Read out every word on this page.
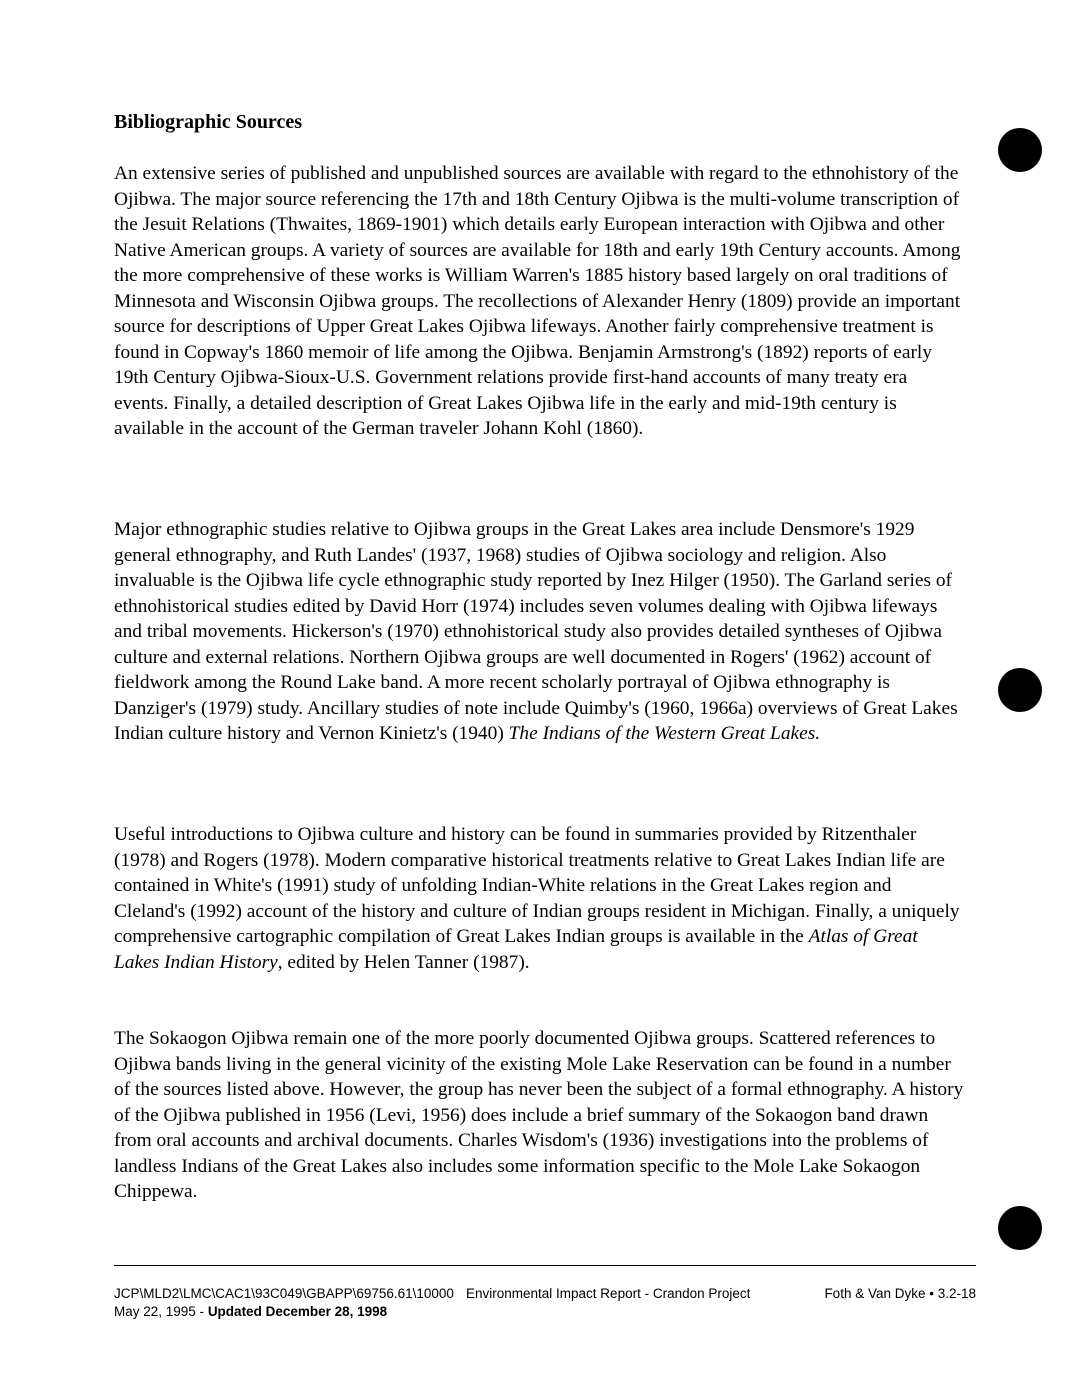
Bibliographic Sources

An extensive series of published and unpublished sources are available with regard to the ethnohistory of the Ojibwa. The major source referencing the 17th and 18th Century Ojibwa is the multi-volume transcription of the Jesuit Relations (Thwaites, 1869-1901) which details early European interaction with Ojibwa and other Native American groups. A variety of sources are available for 18th and early 19th Century accounts. Among the more comprehensive of these works is William Warren's 1885 history based largely on oral traditions of Minnesota and Wisconsin Ojibwa groups. The recollections of Alexander Henry (1809) provide an important source for descriptions of Upper Great Lakes Ojibwa lifeways. Another fairly comprehensive treatment is found in Copway's 1860 memoir of life among the Ojibwa. Benjamin Armstrong's (1892) reports of early 19th Century Ojibwa-Sioux-U.S. Government relations provide first-hand accounts of many treaty era events. Finally, a detailed description of Great Lakes Ojibwa life in the early and mid-19th century is available in the account of the German traveler Johann Kohl (1860).

Major ethnographic studies relative to Ojibwa groups in the Great Lakes area include Densmore's 1929 general ethnography, and Ruth Landes' (1937, 1968) studies of Ojibwa sociology and religion. Also invaluable is the Ojibwa life cycle ethnographic study reported by Inez Hilger (1950). The Garland series of ethnohistorical studies edited by David Horr (1974) includes seven volumes dealing with Ojibwa lifeways and tribal movements. Hickerson's (1970) ethnohistorical study also provides detailed syntheses of Ojibwa culture and external relations. Northern Ojibwa groups are well documented in Rogers' (1962) account of fieldwork among the Round Lake band. A more recent scholarly portrayal of Ojibwa ethnography is Danziger's (1979) study. Ancillary studies of note include Quimby's (1960, 1966a) overviews of Great Lakes Indian culture history and Vernon Kinietz's (1940) The Indians of the Western Great Lakes.

Useful introductions to Ojibwa culture and history can be found in summaries provided by Ritzenthaler (1978) and Rogers (1978). Modern comparative historical treatments relative to Great Lakes Indian life are contained in White's (1991) study of unfolding Indian-White relations in the Great Lakes region and Cleland's (1992) account of the history and culture of Indian groups resident in Michigan. Finally, a uniquely comprehensive cartographic compilation of Great Lakes Indian groups is available in the Atlas of Great Lakes Indian History, edited by Helen Tanner (1987).

The Sokaogon Ojibwa remain one of the more poorly documented Ojibwa groups. Scattered references to Ojibwa bands living in the general vicinity of the existing Mole Lake Reservation can be found in a number of the sources listed above. However, the group has never been the subject of a formal ethnography. A history of the Ojibwa published in 1956 (Levi, 1956) does include a brief summary of the Sokaogon band drawn from oral accounts and archival documents. Charles Wisdom's (1936) investigations into the problems of landless Indians of the Great Lakes also includes some information specific to the Mole Lake Sokaogon Chippewa.

JCP\MLD2\LMC\CAC1\93C049\GBAPP\69756.61\10000
May 22, 1995 - Updated December 28, 1998
Environmental Impact Report - Crandon Project	Foth & Van Dyke • 3.2-18
